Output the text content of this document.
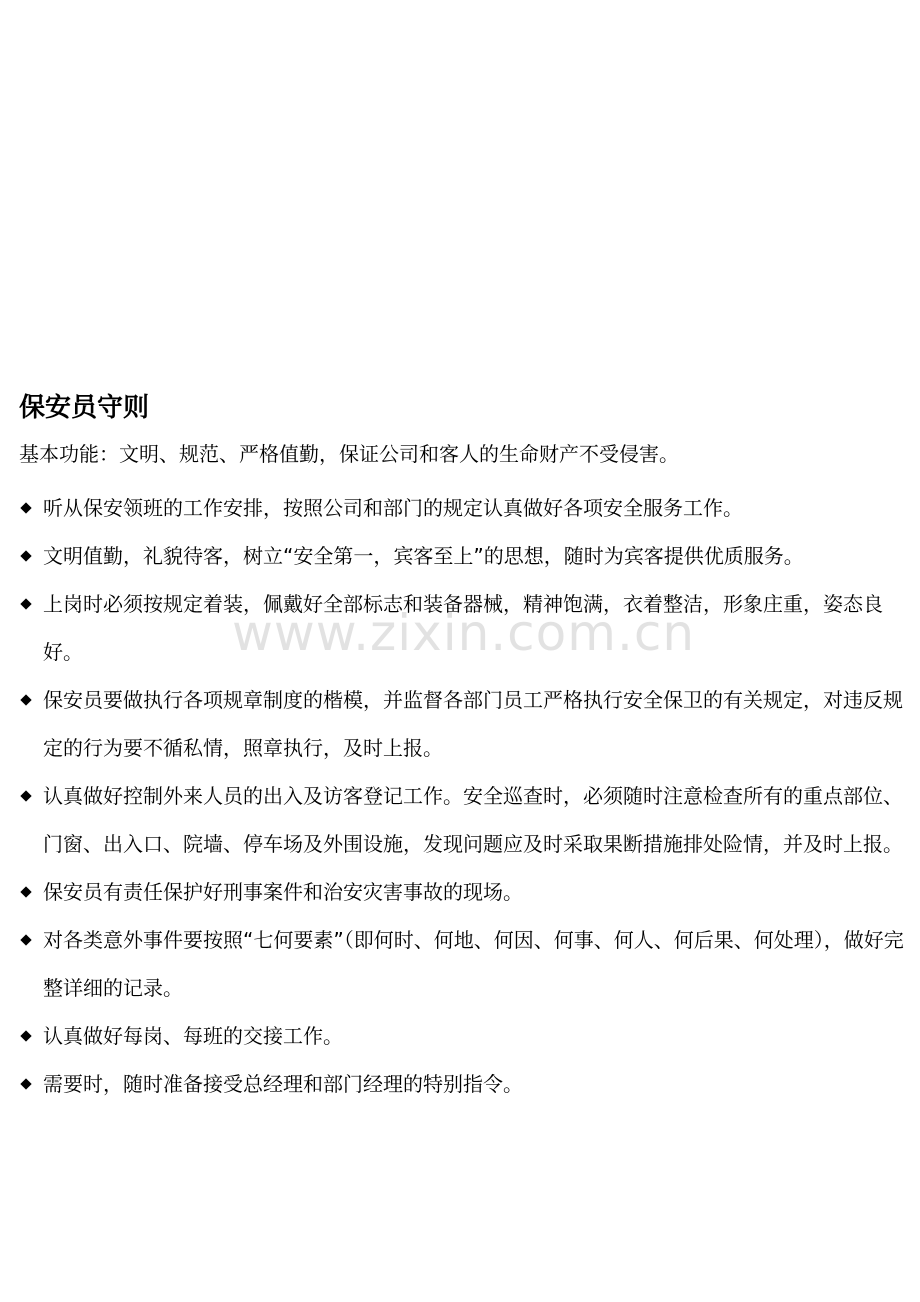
保安员守则

基本功能：文明、规范、严格值勤，保证公司和客人的生命财产不受侵害。

听从保安领班的工作安排，按照公司和部门的规定认真做好各项安全服务工作。
文明值勤，礼貌待客，树立“安全第一，宾客至上”的思想，随时为宾客提供优质服务。
上岗时必须按规定着装，佩戴好全部标志和装备器械，精神饱满，衣着整洁，形象庄重，姿态良好。
保安员要做执行各项规章制度的楷模，并监督各部门员工严格执行安全保卫的有关规定，对违反规定的行为要不循私情，照章执行，及时上报。
认真做好控制外来人员的出入及访客登记工作。安全巡查时，必须随时注意检查所有的重点部位、门窗、出入口、院墙、停车场及外围设施，发现问题应及时采取果断措施排处险情，并及时上报。
保安员有责任保护好刑事案件和治安灾害事故的现场。
对各类意外事件要按照“七何要素”（即何时、何地、何因、何事、何人、何后果、何处理），做好完整详细的记录。
认真做好每岗、每班的交接工作。
需要时，随时准备接受总经理和部门经理的特别指令。
www.zixin.com.cn
